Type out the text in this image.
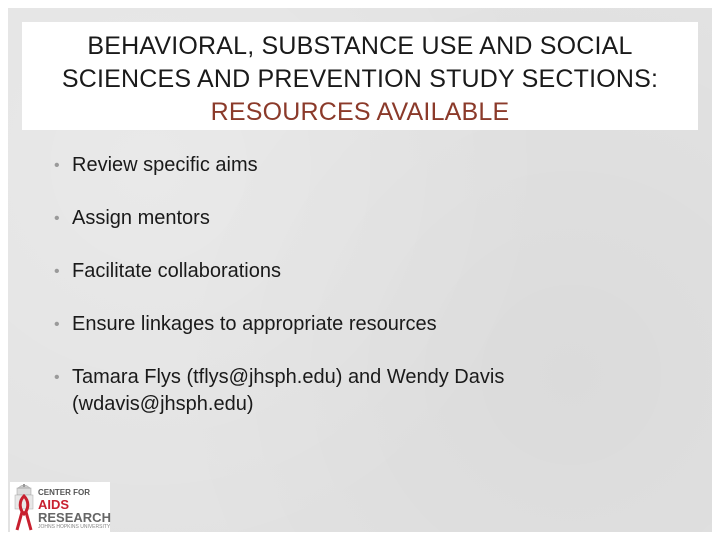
BEHAVIORAL, SUBSTANCE USE AND SOCIAL
SCIENCES AND PREVENTION STUDY SECTIONS:
RESOURCES AVAILABLE
• Review specific aims
• Assign mentors
• Facilitate collaborations
• Ensure linkages to appropriate resources
• Tamara Flys (tflys@jhsph.edu) and Wendy Davis (wdavis@jhsph.edu)
CENTER FOR
AIDS
RESEARCH
JOHNS HOPKINS UNIVERSITY
